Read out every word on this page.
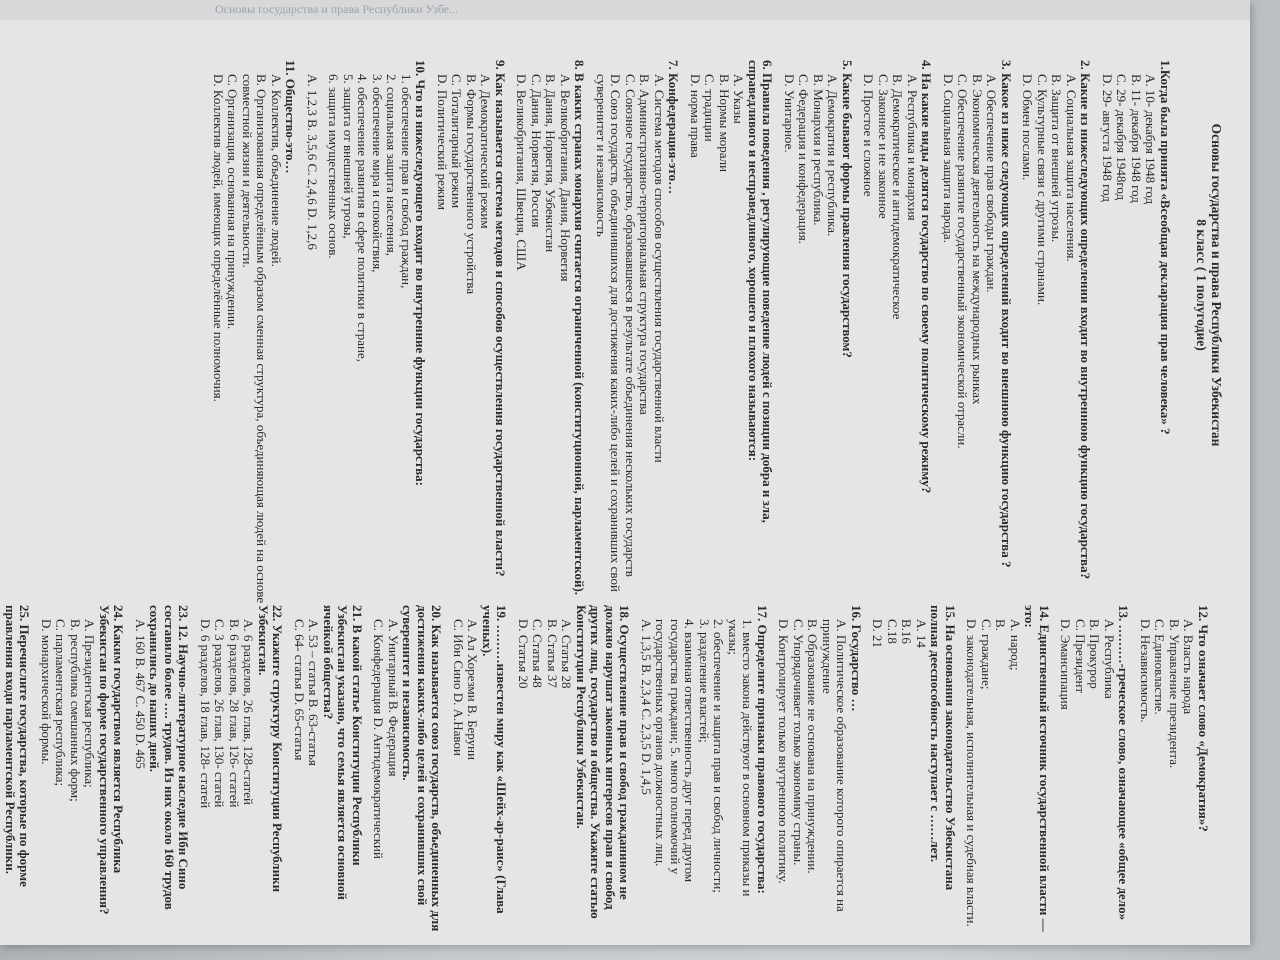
Основы государства и права Республики Узбе...
Основы государства и права Республики Узбекистан
8 класс ( 1 полугодие)
1.Когда была принята «Всеобщая декларация прав человека» ?
A. 10- декабря 1948 год
B. 11- декабря 1948 год
C. 29- декабря 1948год
D. 29- августа 1948 год
2. Какие из нижеследующих определении входит во внутреннюю функцию государства?
A. Социальная защита населения.
B. Защита от внешней угрозы.
C. Культурные связи с другими странами.
D. Обмен послами.
3. Какое из ниже следующих определений входит во внешнюю функцию государства ?
A. Обеспечение прав свободы граждан.
B. Экономическая деятельность на международных рынках
C. Обеспечение развитие государственный экономической отрасли.
D. Социальная защита народа.
4. На какие виды делятся государство по своему политическому режиму?
A. Республика и монархия
B. Демократическое и антидемократическое
C. Законное и не законное
D. Простое и сложное
5. Какие бывают формы правления государством?
A. Демократия и республика.
B. Монархия и республика.
C. Федерация и конфедерация.
D. Унитарное.
6. Правила поведения , регулирующие поведение людей с позиции добра и зла, справедливого и несправедливого, хорошего и плохого называются:
A. Указы
B. Нормы морали
C. традиции
D. норма права
7. Конфедерация-это…
A. Система методов способов осуществления государственной власти
B. Административно-территориальная структура государства
C. Союзное государство, образовавшееся в результате объединения нескольких государств
D. Союз государств, объединившихся для достижения каких-либо целей и сохранивших свой суверенитет и независимость
8. В каких странах монархия считается ограниченной (конституционной, парламентской).
A. Великобритания, Дания, Норвегия
B. Дания, Норвегия, Узбекистан
C. Дания, Норвегия, Россия
D. Великобритания, Швеция, США
9. Как называется система методов и способов осуществления государственной власти?
A. Демократический режим
B. Формы государственного устройства
C. Тоталитарный режим
D. Политический режим
10. Что из нижеследующего входит во внутренние функции государства:
1. обеспечение прав и свобод граждан,
2. социальная защита населения,
3. обеспечение мира и спокойствия,
4. обеспечение развития в сфере политики в стране,
5. защита от внешней угрозы,
6. защита имущественных основ.
A. 1,2,3 B. 3,5,6 C. 2,4,6 D. 1,2,6
11. Общество-это…
A. Коллектив, объединение людей.
B. Организованная определённым образом сменная структура, объединяющая людей на основе совместной жизни и деятельности.
C. Организация, основанная на принуждении.
D. Коллектив людей, имеющих определённые полномочия.
12. Что означает слово «Демократия»?
A. Власть народа
B. Управление президента.
C. Единовластие.
D. Независимость.
13. ………-греческое слово, означающее «общее дело»
A. Республика
B. Прокурор
C. Президент
D. Эмансипация
14. Единственный источник государственной власти — это:
A. народ;
B.
C. граждане;
D. законодательная, исполнительная и судебная власти.
15. На основании законодательство Узбекистана полная дееспособность наступает с ……лет.
A. 14
B.16
C.18
D. 21
16. Государство …
A. Политическое образование которого опирается на принуждение
B. Образование не основана на принуждении.
C. Упорядочивает только экономику страны.
D. Контролирует только внутреннюю политику.
17. Определите признаки правового государства:
1. вместо закона действуют в основном приказы и указы;
2. обеспечение и защита прав и свобод личности;
3. разделение властей;
4. взаимная ответственность друг перед другом государства граждани; 5. много полномочий у государственных органов должностных лиц.
A. 1,3,5 B. 2,3,4 C. 2,3,5 D. 1,4,5
18. Осуществление прав и свобод гражданином не должно нарушат законных интересов прав и свобод других лиц, государство и общества. Укажите статью Конституции Республики Узбекистан.
A. Статья 28
B. Статья 37
C. Статья 48
D. Статья 20
19. ………известен миру как «Шейх-ар-раис» (Глава ученых).
A. Ал Хорезми B. Беруни
C. Ибн Сино D. А.Навои
20. Как называется союз государств, объединенных для достижения каких-либо целей и сохранивших свой суверенитет и независимость.
A. Унитарный B. Федерация
C. Конфедерация D. Антидемократический
21. В какой статье Конституции Республики Узбекистан указано, что семья является основной ячейкой общества?
A. 53 – статья B. 63-статья
C. 64- статья D. 65-статья
22. Укажите структуру Конституции Республики Узбекистан.
A. 6 разделов, 26 глав, 128-статей
B. 6 разделов, 28 глав, 126- статей
C. 3 разделов, 26 глав, 130- статей
D. 6 разделов, 18 глав, 128- статей
23. 12. Научно-литературное наследие Ибн Сино составило более …. трудов. Из них около 160 трудов сохранились до наших дней.
A. 160 B. 467 C. 450 D. 465
24. Каким государством является Республика Узбекистан по форме государственного управления?
A. Президентская республика;
B. республика смешанных форм;
C. парламентская республика;
D. монархической формы.
25. Перечислите государства, которые по форме правления входи парламентской Республики.
